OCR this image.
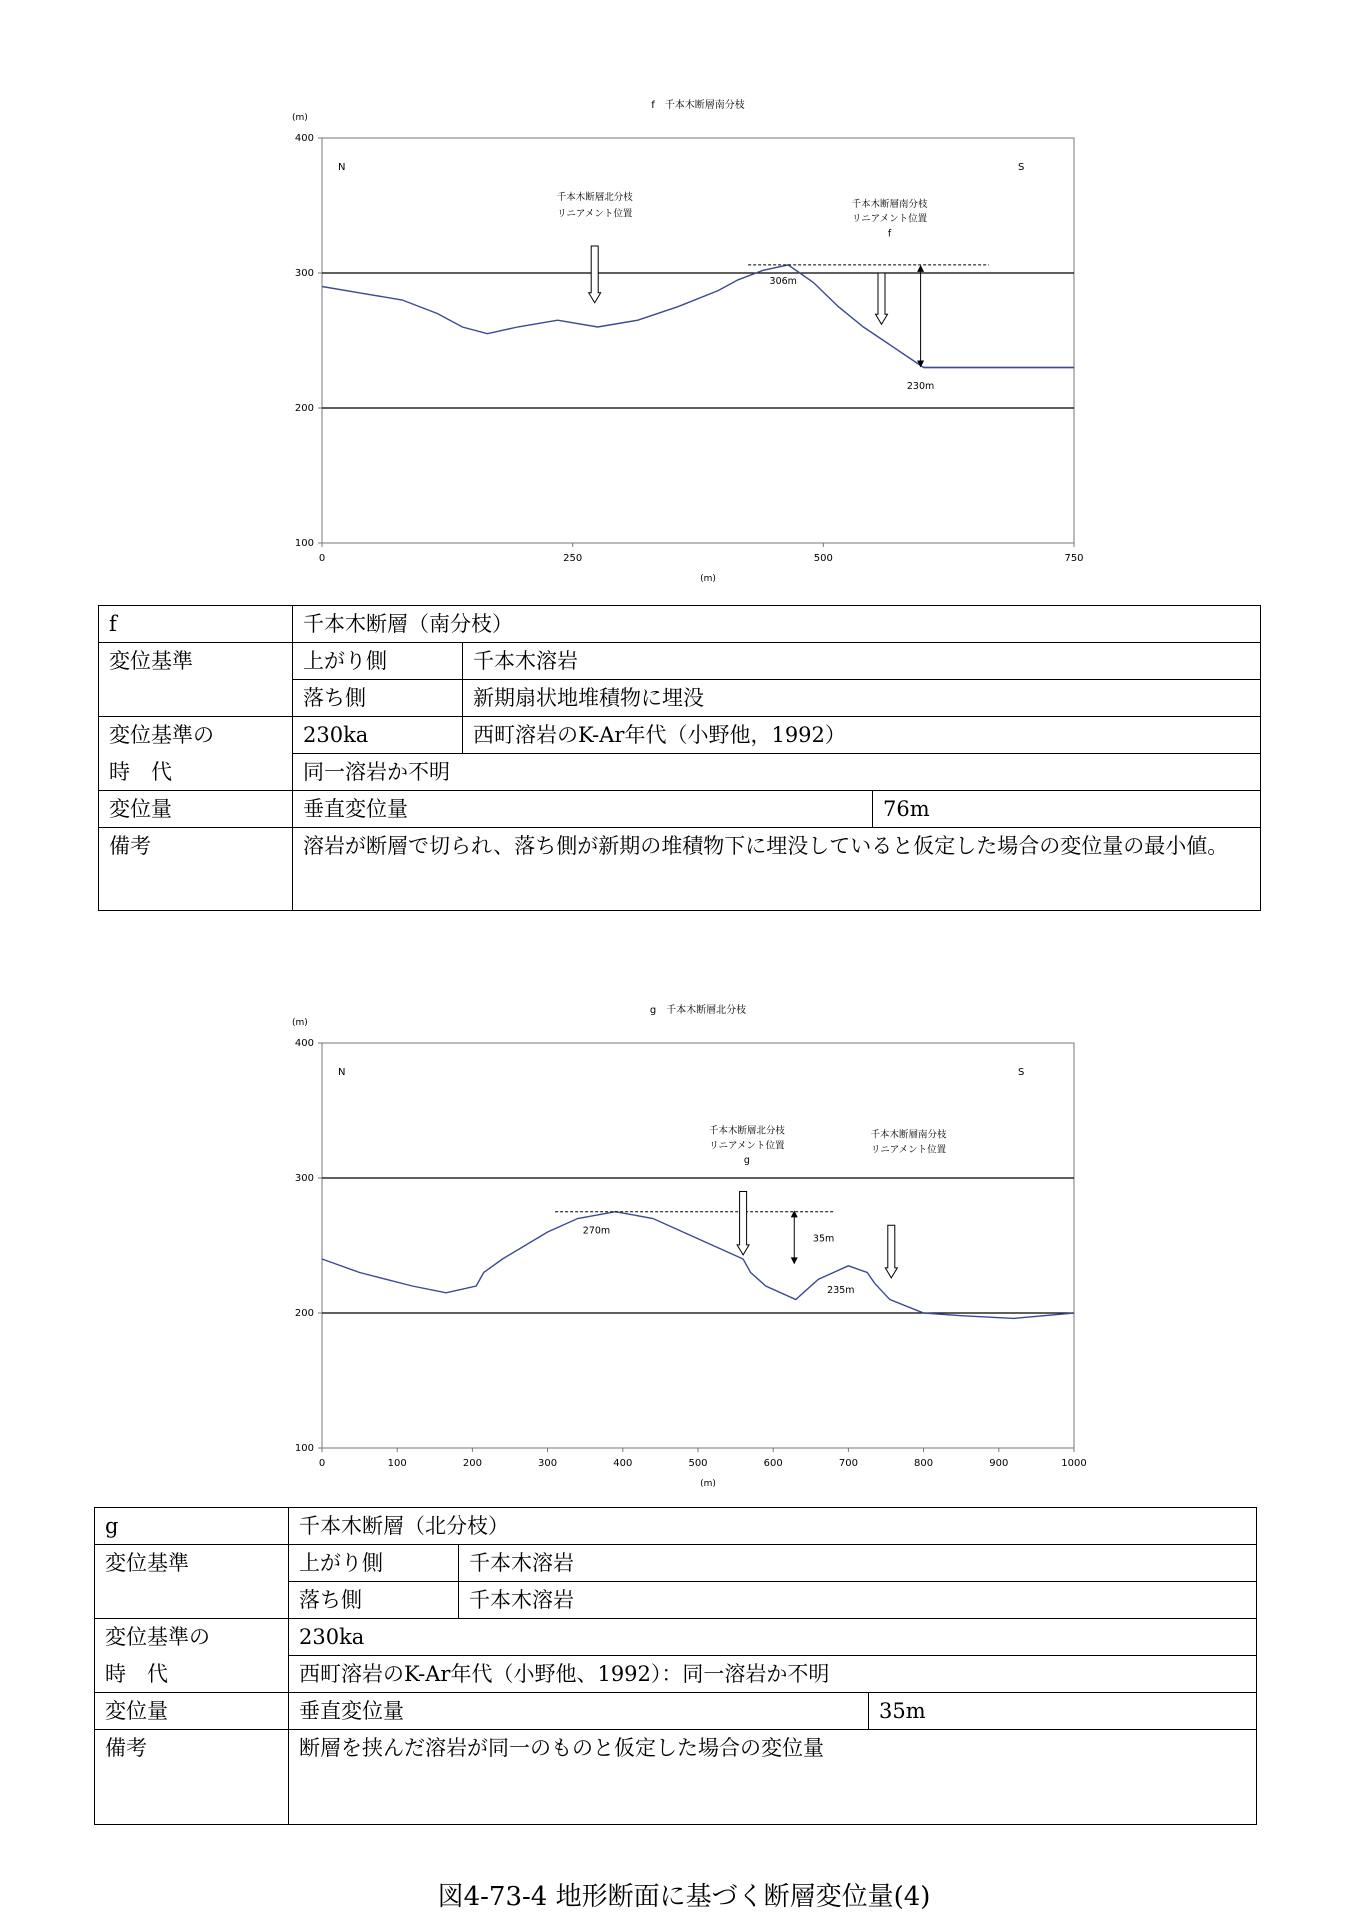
f　千本木断層南分枝
(m)
100
200
300
400
0	250	500	750
(m)
N	S
千本木断層北分枝
リニアメント位置
千本木断層南分枝
リニアメント位置
f
306m
230m
f	千本木断層（南分枝）		
変位基準	上がり側	千本木溶岩	
	落ち側	新期扇状地堆積物に埋没	
変位基準の	230ka	西町溶岩のK-Ar年代（小野他，1992）	
時　代	同一溶岩か不明		
変位量	垂直変位量		76m
備考	溶岩が断層で切られ、落ち側が新期の堆積物下に埋没していると仮定した場合の変位量の最小値。		
g　千本木断層北分枝
(m)
100
200
300
400
0	100	200	300	400	500	600	700	800	900	1000
(m)
N	S
千本木断層北分枝
リニアメント位置
g
千本木断層南分枝
リニアメント位置
270m
35m
235m
g	千本木断層（北分枝）		
変位基準	上がり側	千本木溶岩	
	落ち側	千本木溶岩	
変位基準の	230ka		
時　代	西町溶岩のK-Ar年代（小野他、1992）：同一溶岩か不明		
変位量	垂直変位量		35m
備考	断層を挟んだ溶岩が同一のものと仮定した場合の変位量		
図4-73-4 地形断面に基づく断層変位量(4)
